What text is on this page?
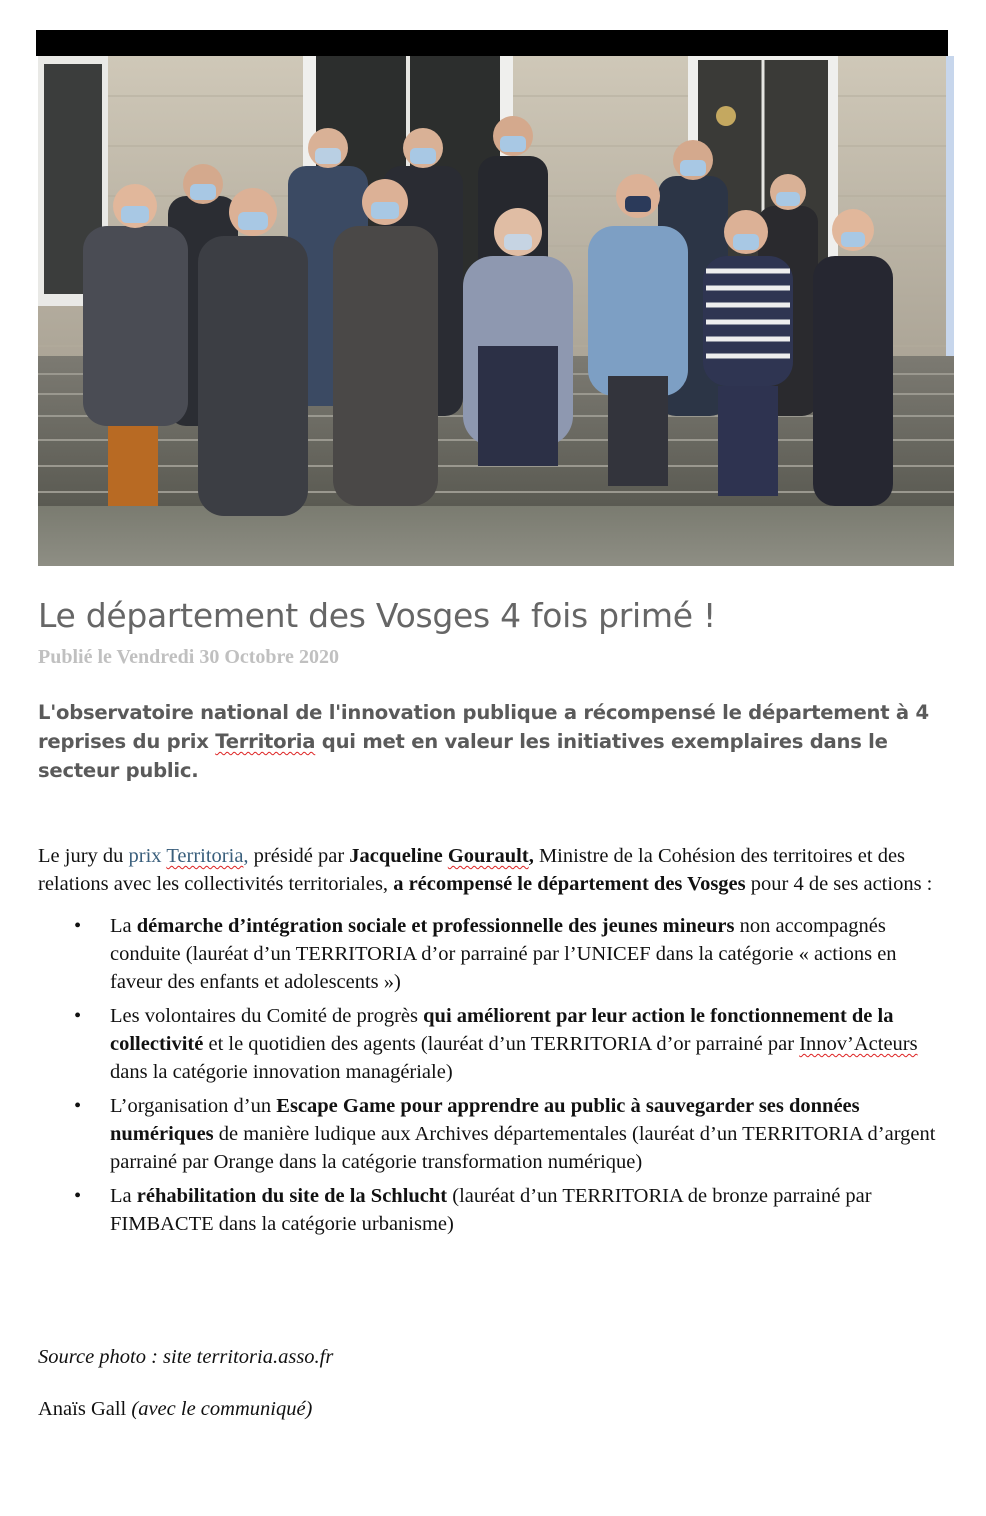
Le département des Vosges 4 fois primé !
Publié le Vendredi 30 Octobre 2020

L'observatoire national de l'innovation publique a récompensé le département à 4 reprises du prix Territoria qui met en valeur les initiatives exemplaires dans le secteur public.

Le jury du prix Territoria, présidé par Jacqueline Gourault, Ministre de la Cohésion des territoires et des relations avec les collectivités territoriales, a récompensé le département des Vosges pour 4 de ses actions :

• La démarche d’intégration sociale et professionnelle des jeunes mineurs non accompagnés conduite (lauréat d’un TERRITORIA d’or parrainé par l’UNICEF dans la catégorie « actions en faveur des enfants et adolescents »)
• Les volontaires du Comité de progrès qui améliorent par leur action le fonctionnement de la collectivité et le quotidien des agents (lauréat d’un TERRITORIA d’or parrainé par Innov’Acteurs dans la catégorie innovation managériale)
• L’organisation d’un Escape Game pour apprendre au public à sauvegarder ses données numériques de manière ludique aux Archives départementales (lauréat d’un TERRITORIA d’argent parrainé par Orange dans la catégorie transformation numérique)
• La réhabilitation du site de la Schlucht (lauréat d’un TERRITORIA de bronze parrainé par FIMBACTE dans la catégorie urbanisme)
Source photo : site territoria.asso.fr
Anaïs Gall (avec le communiqué)
